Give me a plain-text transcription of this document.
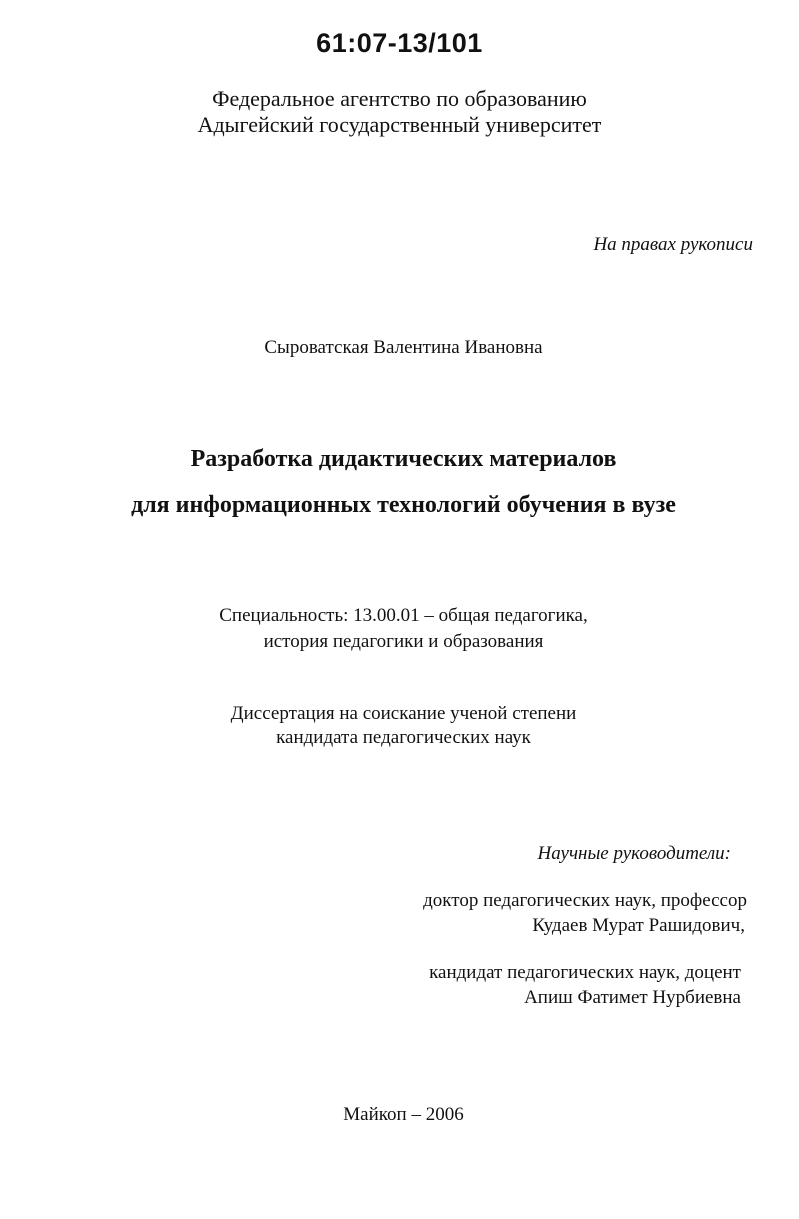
61:07-13/101
Федеральное агентство по образованию
Адыгейский государственный университет
На правах рукописи
Сыроватская Валентина Ивановна
Разработка дидактических материалов
для информационных технологий обучения в вузе
Специальность: 13.00.01 – общая педагогика,
история педагогики и образования
Диссертация на соискание ученой степени
кандидата педагогических наук
Научные руководители:
доктор педагогических наук, профессор
Кудаев Мурат Рашидович,
кандидат педагогических наук, доцент
Апиш Фатимет Нурбиевна
Майкоп – 2006
